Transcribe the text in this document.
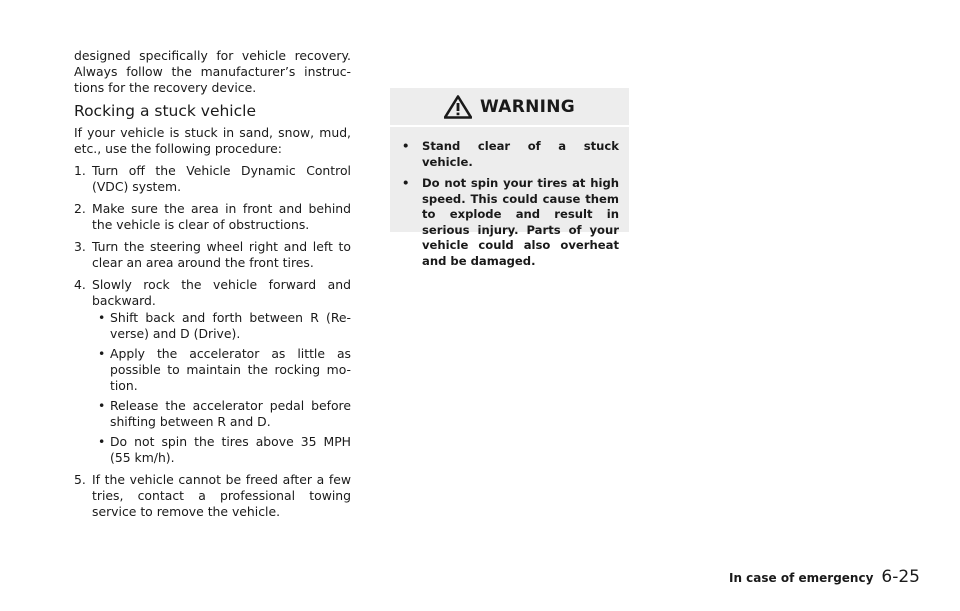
designed specifically for vehicle recovery. Always follow the manufacturer’s instruc- tions for the recovery device.

Rocking a stuck vehicle

If your vehicle is stuck in sand, snow, mud, etc., use the following procedure:

1. Turn off the Vehicle Dynamic Control (VDC) system.
2. Make sure the area in front and behind the vehicle is clear of obstructions.
3. Turn the steering wheel right and left to clear an area around the front tires.
4. Slowly rock the vehicle forward and backward.
• Shift back and forth between R (Re- verse) and D (Drive).
• Apply the accelerator as little as possible to maintain the rocking mo- tion.
• Release the accelerator pedal before shifting between R and D.
• Do not spin the tires above 35 MPH (55 km/h).
5. If the vehicle cannot be freed after a few tries, contact a professional towing service to remove the vehicle.
WARNING
• Stand clear of a stuck vehicle.
• Do not spin your tires at high speed. This could cause them to explode and result in serious injury. Parts of your vehicle could also overheat and be damaged.
In case of emergency 6-25
